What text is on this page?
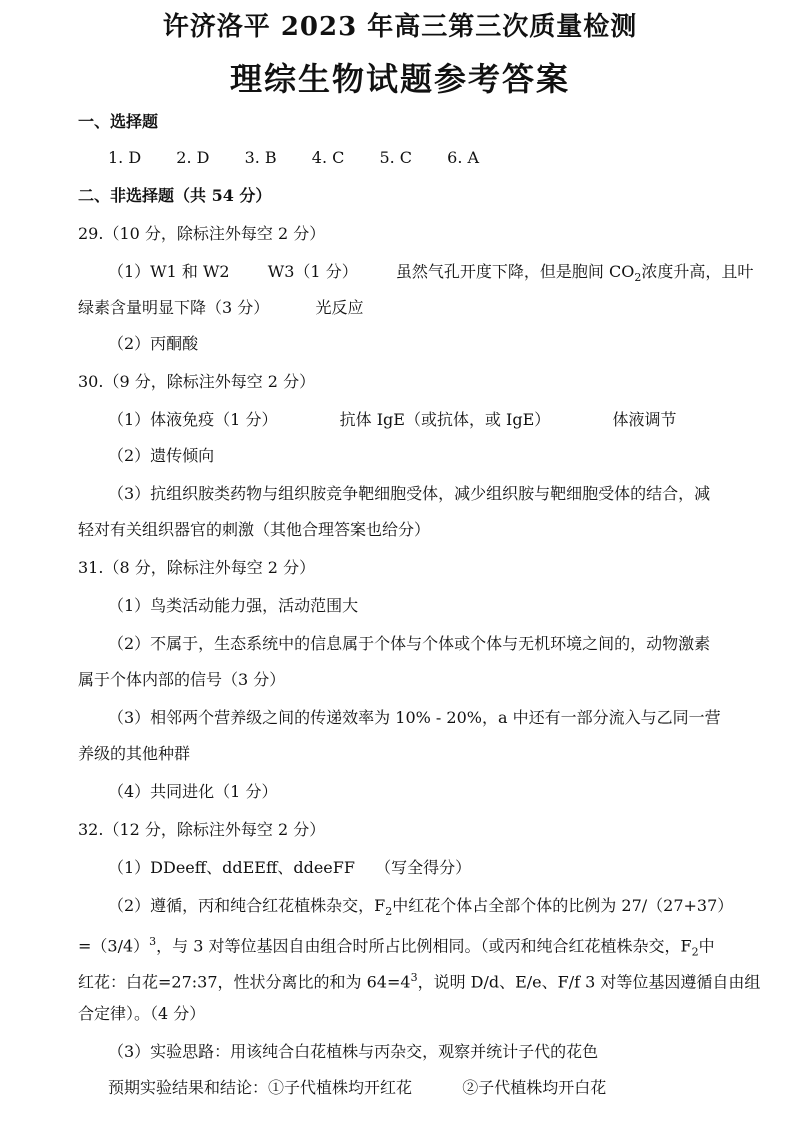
许济洛平 2023 年高三第三次质量检测
理综生物试题参考答案
一、选择题
1. D 2. D 3. B 4. C 5. C 6. A
二、非选择题（共 54 分）
29.（10 分，除标注外每空 2 分）
（1）W1 和 W2 W3（1 分） 虽然气孔开度下降，但是胞间 $CO_2$浓度升高，且叶
绿素含量明显下降（3 分）	光反应
（2）丙酮酸
30.（9 分，除标注外每空 2 分）
（1）体液免疫（1 分）	抗体 IgE（或抗体，或 IgE）	体液调节
（2）遗传倾向
（3）抗组织胺类药物与组织胺竞争靶细胞受体，减少组织胺与靶细胞受体的结合，减
轻对有关组织器官的刺激（其他合理答案也给分）
31.（8 分，除标注外每空 2 分）
（1）鸟类活动能力强，活动范围大
（2）不属于，生态系统中的信息属于个体与个体或个体与无机环境之间的，动物激素
属于个体内部的信号（3 分）
（3）相邻两个营养级之间的传递效率为 10% - 20%，a 中还有一部分流入与乙同一营
养级的其他种群
（4）共同进化（1 分）
32.（12 分，除标注外每空 2 分）
（1）DDeeff、ddEEff、ddeeFF （写全得分）
（2）遵循，丙和纯合红花植株杂交，$F_2$中红花个体占全部个体的比例为 27/（27+37）
$=(3/4)^3$，与 3 对等位基因自由组合时所占比例相同。（或丙和纯合红花植株杂交，$F_2$中
红花：白花=27:37，性状分离比的和为 $64=4^3$，说明 D/d、E/e、F/f 3 对等位基因遵循自由组
合定律）。（4 分）
（3）实验思路：用该纯合白花植株与丙杂交，观察并统计子代的花色
预期实验结果和结论：①子代植株均开红花	②子代植株均开白花
